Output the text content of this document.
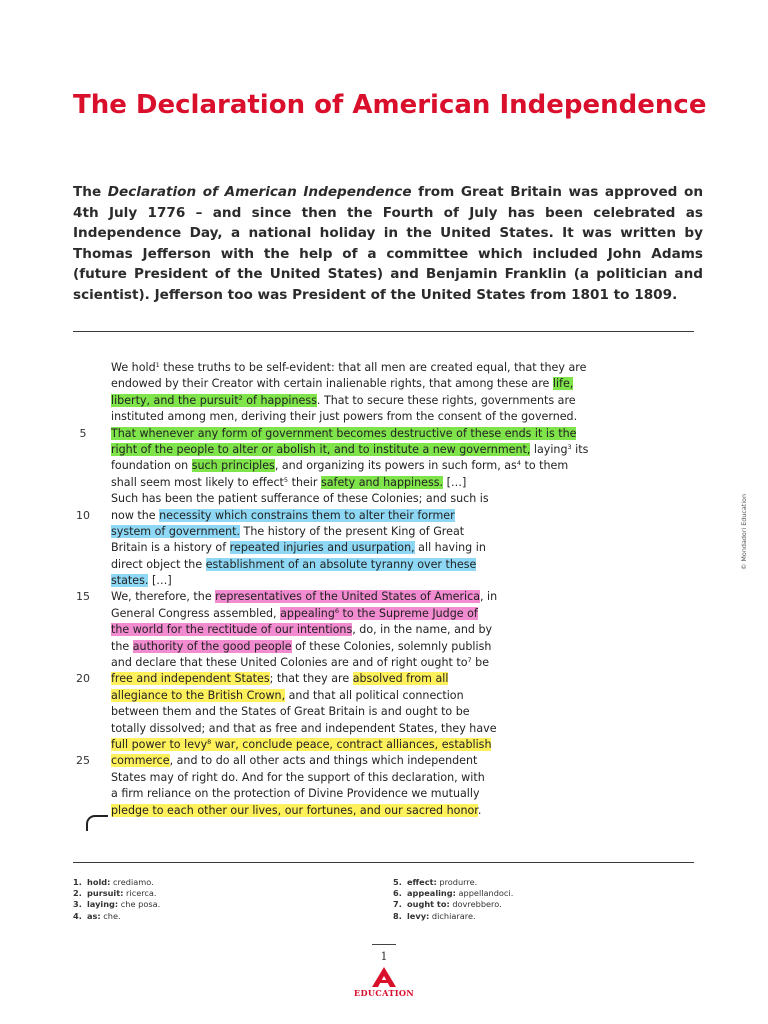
The Declaration of American Independence

The Declaration of American Independence from Great Britain was approved on 4th July 1776 – and since then the Fourth of July has been celebrated as Independence Day, a national holiday in the United States. It was written by Thomas Jefferson with the help of a committee which included John Adams (future President of the United States) and Benjamin Franklin (a politician and scientist). Jefferson too was President of the United States from 1801 to 1809.

We hold$^1$ these truths to be self-evident: that all men are created equal, that they are
endowed by their Creator with certain inalienable rights, that among these are life,
liberty, and the pursuit$^2$ of happiness. That to secure these rights, governments are
instituted among men, deriving their just powers from the consent of the governed.
5	That whenever any form of government becomes destructive of these ends it is the
right of the people to alter or abolish it, and to institute a new government, laying$^3$ its
foundation on such principles, and organizing its powers in such form, $as^4$ to them
shall seem most likely to effect$^5$ their safety and happiness. […]
Such has been the patient sufferance of these Colonies; and such is
10	now the necessity which constrains them to alter their former
system of government. The history of the present King of Great
Britain is a history of repeated injuries and usurpation, all having in
direct object the establishment of an absolute tyranny over these
states. […]
15	We, therefore, the representatives of the United States of America, in
General Congress assembled, appealing$^6$ to the Supreme Judge of
the world for the rectitude of our intentions, do, in the name, and by
the authority of the good people of these Colonies, solemnly publish
and declare that these United Colonies are and of right ought $to^7$ be
20	free and independent States; that they are absolved from all
allegiance to the British Crown, and that all political connection
between them and the States of Great Britain is and ought to be
totally dissolved; and that as free and independent States, they have
full power to levy$^8$ war, conclude peace, contract alliances, establish
25	commerce, and to do all other acts and things which independent
States may of right do. And for the support of this declaration, with
a firm reliance on the protection of Divine Providence we mutually
pledge to each other our lives, our fortunes, and our sacred honor.
© Mondadori Education
1. hold: crediamo.
2. pursuit: ricerca.
3. laying: che posa.
4. as: che.
5. effect: produrre.
6. appealing: appellandoci.
7. ought to: dovrebbero.
8. levy: dichiarare.
1
EDUCATION
